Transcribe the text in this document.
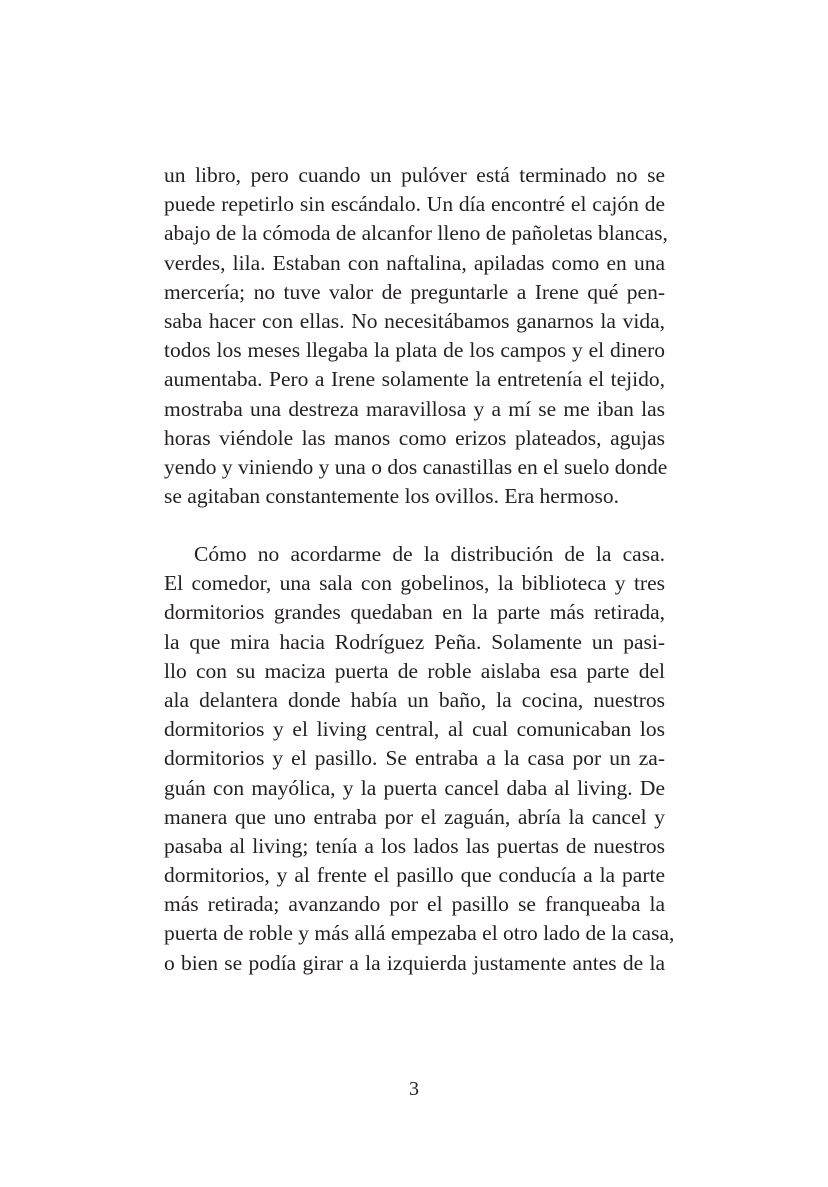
un libro, pero cuando un pulóver está terminado no se
puede repetirlo sin escándalo. Un día encontré el cajón de
abajo de la cómoda de alcanfor lleno de pañoletas blancas,
verdes, lila. Estaban con naftalina, apiladas como en una
mercería; no tuve valor de preguntarle a Irene qué pen-
saba hacer con ellas. No necesitábamos ganarnos la vida,
todos los meses llegaba la plata de los campos y el dinero
aumentaba. Pero a Irene solamente la entretenía el tejido,
mostraba una destreza maravillosa y a mí se me iban las
horas viéndole las manos como erizos plateados, agujas
yendo y viniendo y una o dos canastillas en el suelo donde
se agitaban constantemente los ovillos. Era hermoso.
Cómo no acordarme de la distribución de la casa.
El comedor, una sala con gobelinos, la biblioteca y tres
dormitorios grandes quedaban en la parte más retirada,
la que mira hacia Rodríguez Peña. Solamente un pasi-
llo con su maciza puerta de roble aislaba esa parte del
ala delantera donde había un baño, la cocina, nuestros
dormitorios y el living central, al cual comunicaban los
dormitorios y el pasillo. Se entraba a la casa por un za-
guán con mayólica, y la puerta cancel daba al living. De
manera que uno entraba por el zaguán, abría la cancel y
pasaba al living; tenía a los lados las puertas de nuestros
dormitorios, y al frente el pasillo que conducía a la parte
más retirada; avanzando por el pasillo se franqueaba la
puerta de roble y más allá empezaba el otro lado de la casa,
o bien se podía girar a la izquierda justamente antes de la
3
